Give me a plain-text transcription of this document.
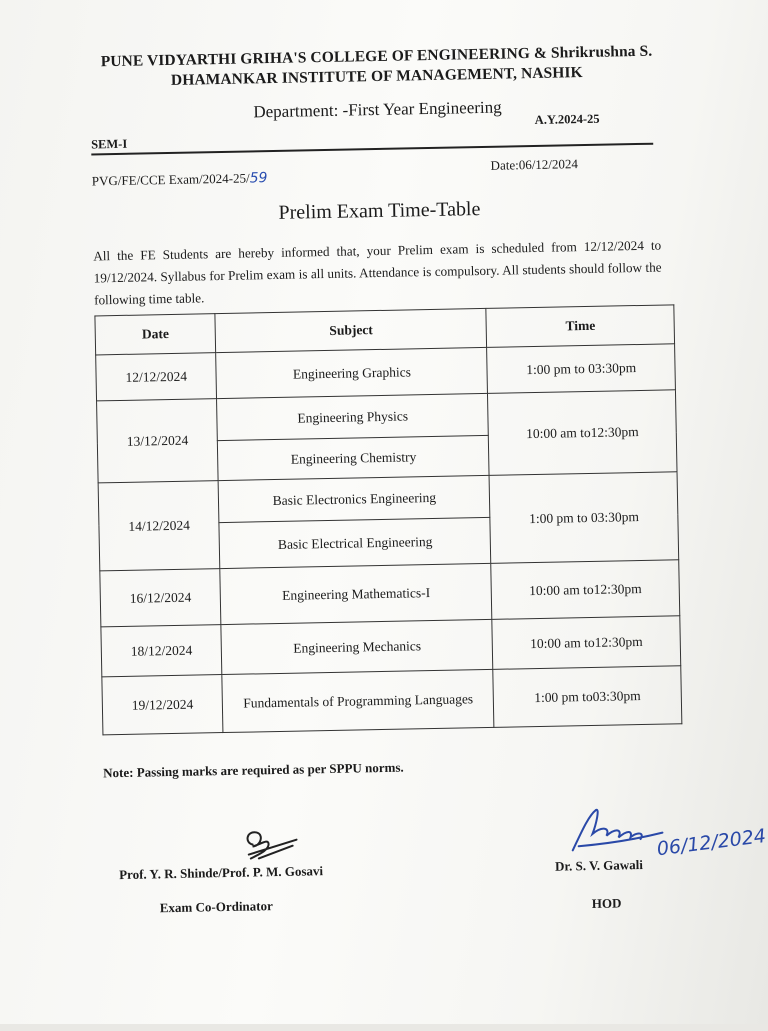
PUNE VIDYARTHI GRIHA'S COLLEGE OF ENGINEERING & Shrikrushna S.
DHAMANKAR INSTITUTE OF MANAGEMENT, NASHIK
Department: -First Year Engineering
SEM-I
A.Y.2024-25
PVG/FE/CCE Exam/2024-25/59
Date:06/12/2024
Prelim Exam Time-Table
All the FE Students are hereby informed that, your Prelim exam is scheduled from 12/12/2024 to 19/12/2024. Syllabus for Prelim exam is all units. Attendance is compulsory. All students should follow the following time table.
Date	Subject	Time
12/12/2024	Engineering Graphics	1:00 pm to 03:30pm
13/12/2024	Engineering Physics	10:00 am to12:30pm
	Engineering Chemistry	
14/12/2024	Basic Electronics Engineering	1:00 pm to 03:30pm
	Basic Electrical Engineering	
16/12/2024	Engineering Mathematics-I	10:00 am to12:30pm
18/12/2024	Engineering Mechanics	10:00 am to12:30pm
19/12/2024	Fundamentals of Programming Languages	1:00 pm to03:30pm
Note: Passing marks are required as per SPPU norms.
Prof. Y. R. Shinde/Prof. P. M. Gosavi
Exam Co-Ordinator
06/12/2024
Dr. S. V. Gawali
HOD
